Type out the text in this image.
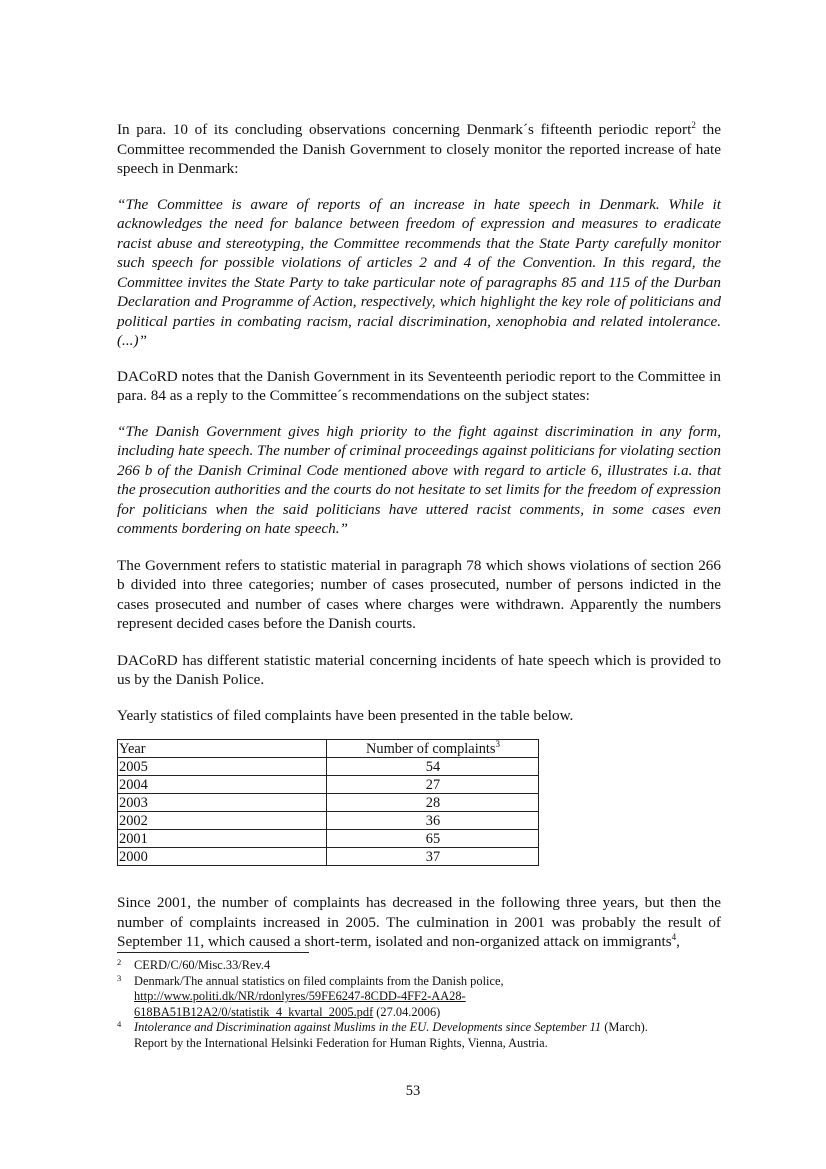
In para. 10 of its concluding observations concerning Denmark´s fifteenth periodic report$^2$ the Committee recommended the Danish Government to closely monitor the reported increase of hate speech in Denmark:

“The Committee is aware of reports of an increase in hate speech in Denmark. While it acknowledges the need for balance between freedom of expression and measures to eradicate racist abuse and stereotyping, the Committee recommends that the State Party carefully monitor such speech for possible violations of articles 2 and 4 of the Convention. In this regard, the Committee invites the State Party to take particular note of paragraphs 85 and 115 of the Durban Declaration and Programme of Action, respectively, which highlight the key role of politicians and political parties in combating racism, racial discrimination, xenophobia and related intolerance. (...)”

DACoRD notes that the Danish Government in its Seventeenth periodic report to the Committee in para. 84 as a reply to the Committee´s recommendations on the subject states:

“The Danish Government gives high priority to the fight against discrimination in any form, including hate speech. The number of criminal proceedings against politicians for violating section 266 b of the Danish Criminal Code mentioned above with regard to article 6, illustrates i.a. that the prosecution authorities and the courts do not hesitate to set limits for the freedom of expression for politicians when the said politicians have uttered racist comments, in some cases even comments bordering on hate speech.”

The Government refers to statistic material in paragraph 78 which shows violations of section 266 b divided into three categories; number of cases prosecuted, number of persons indicted in the cases prosecuted and number of cases where charges were withdrawn. Apparently the numbers represent decided cases before the Danish courts.

DACoRD has different statistic material concerning incidents of hate speech which is provided to us by the Danish Police.

Yearly statistics of filed complaints have been presented in the table below.

Year	Number of complaints$^3$
2005	54
2004	27
2003	28
2002	36
2001	65
2000	37

Since 2001, the number of complaints has decreased in the following three years, but then the number of complaints increased in 2005. The culmination in 2001 was probably the result of September 11, which caused a short-term, isolated and non-organized attack on immigrants$^4$,

2 CERD/C/60/Misc.33/Rev.4
3 Denmark/The annual statistics on filed complaints from the Danish police,
http://www.politi.dk/NR/rdonlyres/59FE6247-8CDD-4FF2-AA28-
618BA51B12A2/0/statistik_4_kvartal_2005.pdf (27.04.2006)
4 Intolerance and Discrimination against Muslims in the EU. Developments since September 11 (March).
Report by the International Helsinki Federation for Human Rights, Vienna, Austria.
53
